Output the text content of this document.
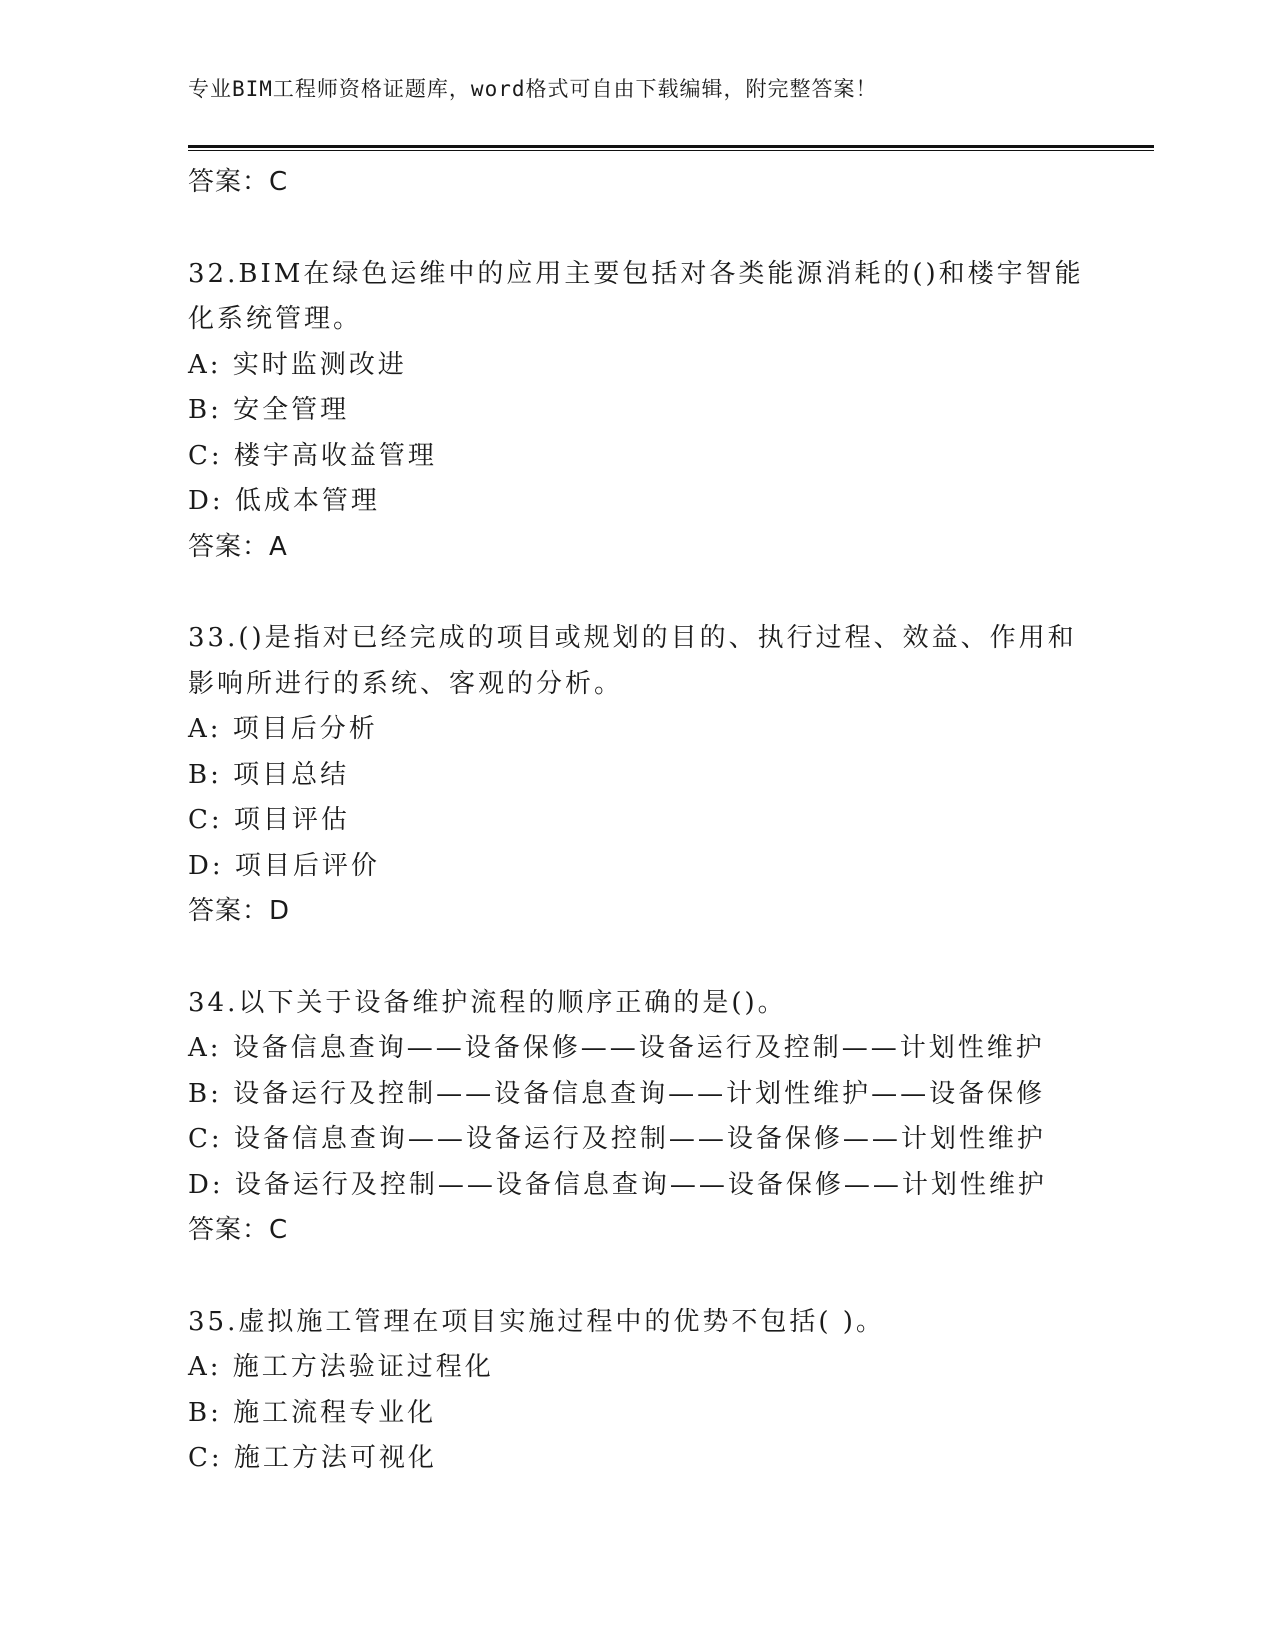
专业BIM工程师资格证题库，word格式可自由下载编辑，附完整答案！
答案：C
32.BIM在绿色运维中的应用主要包括对各类能源消耗的()和楼宇智能
化系统管理。
A: 实时监测改进
B: 安全管理
C: 楼宇高收益管理
D: 低成本管理
答案：A
33.()是指对已经完成的项目或规划的目的、执行过程、效益、作用和
影响所进行的系统、客观的分析。
A: 项目后分析
B: 项目总结
C: 项目评估
D: 项目后评价
答案：D
34.以下关于设备维护流程的顺序正确的是()。
A: 设备信息查询——设备保修——设备运行及控制——计划性维护
B: 设备运行及控制——设备信息查询——计划性维护——设备保修
C: 设备信息查询——设备运行及控制——设备保修——计划性维护
D: 设备运行及控制——设备信息查询——设备保修——计划性维护
答案：C
35.虚拟施工管理在项目实施过程中的优势不包括( )。
A: 施工方法验证过程化
B: 施工流程专业化
C: 施工方法可视化
